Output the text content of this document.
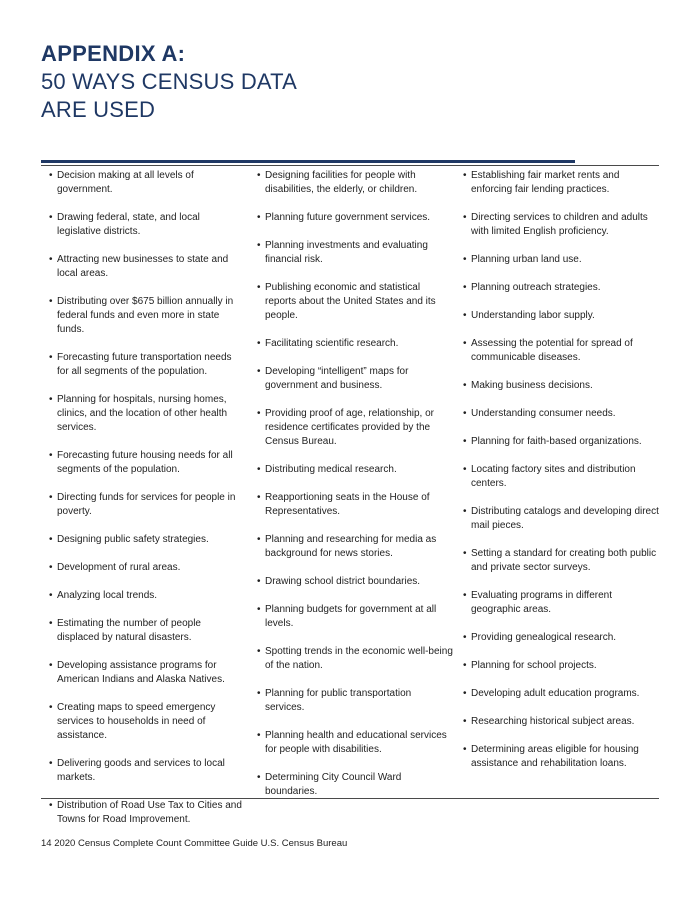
APPENDIX A:
50 WAYS CENSUS DATA
ARE USED
• Decision making at all levels of government.
• Drawing federal, state, and local legislative districts.
• Attracting new businesses to state and local areas.
• Distributing over $675 billion annually in federal funds and even more in state funds.
• Forecasting future transportation needs for all segments of the population.
• Planning for hospitals, nursing homes, clinics, and the location of other health services.
• Forecasting future housing needs for all segments of the population.
• Directing funds for services for people in poverty.
• Designing public safety strategies.
• Development of rural areas.
• Analyzing local trends.
• Estimating the number of people displaced by natural disasters.
• Developing assistance programs for American Indians and Alaska Natives.
• Creating maps to speed emergency services to households in need of assistance.
• Delivering goods and services to local markets.
• Distribution of Road Use Tax to Cities and Towns for Road Improvement.
• Designing facilities for people with disabilities, the elderly, or children.
• Planning future government services.
• Planning investments and evaluating financial risk.
• Publishing economic and statistical reports about the United States and its people.
• Facilitating scientific research.
• Developing “intelligent” maps for government and business.
• Providing proof of age, relationship, or residence certificates provided by the Census Bureau.
• Distributing medical research.
• Reapportioning seats in the House of Representatives.
• Planning and researching for media as background for news stories.
• Drawing school district boundaries.
• Planning budgets for government at all levels.
• Spotting trends in the economic well-being of the nation.
• Planning for public transportation services.
• Planning health and educational services for people with disabilities.
• Determining City Council Ward boundaries.
• Establishing fair market rents and enforcing fair lending practices.
• Directing services to children and adults with limited English proficiency.
• Planning urban land use.
• Planning outreach strategies.
• Understanding labor supply.
• Assessing the potential for spread of communicable diseases.
• Making business decisions.
• Understanding consumer needs.
• Planning for faith-based organizations.
• Locating factory sites and distribution centers.
• Distributing catalogs and developing direct mail pieces.
• Setting a standard for creating both public and private sector surveys.
• Evaluating programs in different geographic areas.
• Providing genealogical research.
• Planning for school projects.
• Developing adult education programs.
• Researching historical subject areas.
• Determining areas eligible for housing assistance and rehabilitation loans.
14 2020 Census Complete Count Committee Guide U.S. Census Bureau
